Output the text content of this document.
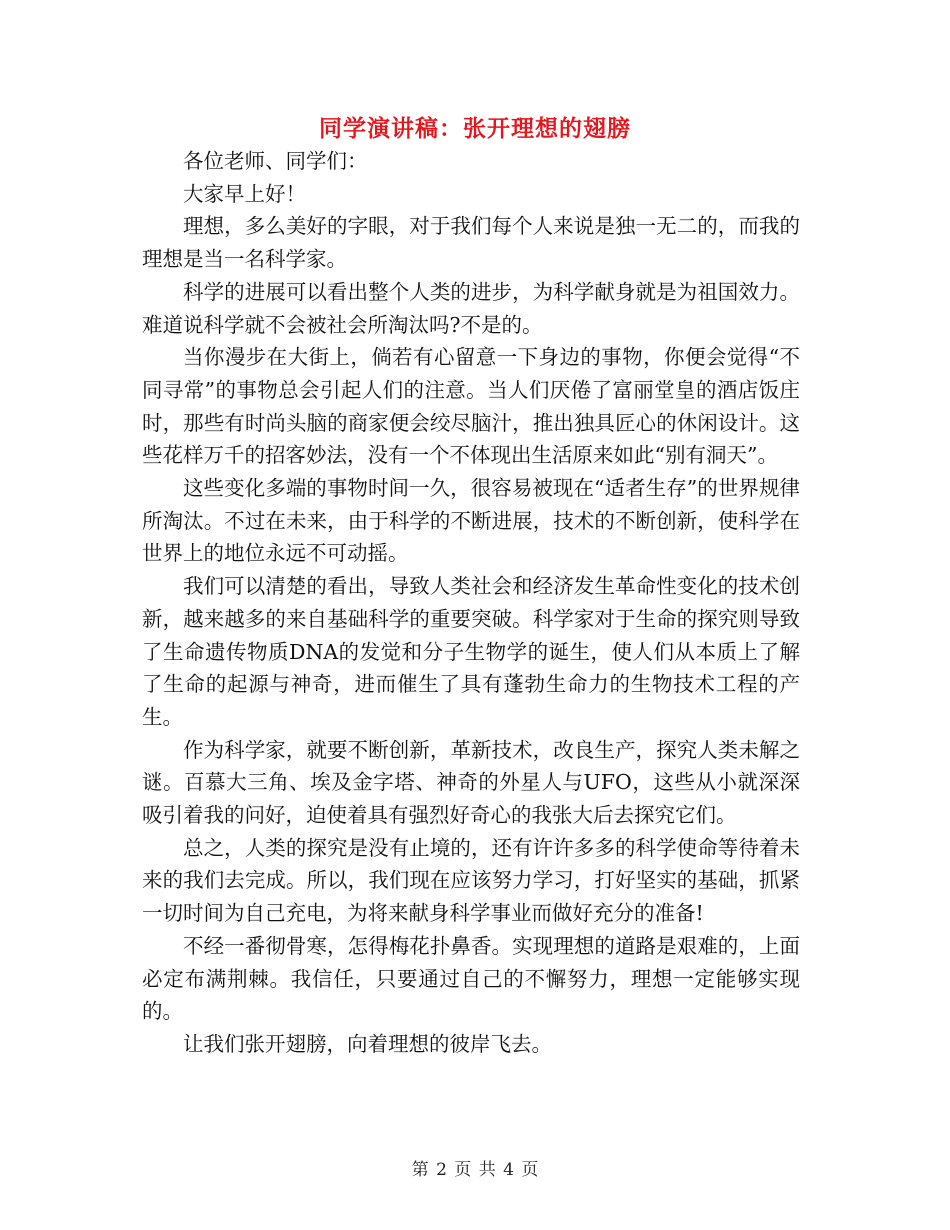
同学演讲稿：张开理想的翅膀

各位老师、同学们：

大家早上好！

理想，多么美好的字眼，对于我们每个人来说是独一无二的，而我的理想是当一名科学家。

科学的进展可以看出整个人类的进步，为科学献身就是为祖国效力。难道说科学就不会被社会所淘汰吗?不是的。

当你漫步在大街上，倘若有心留意一下身边的事物，你便会觉得“不同寻常”的事物总会引起人们的注意。当人们厌倦了富丽堂皇的酒店饭庄时，那些有时尚头脑的商家便会绞尽脑汁，推出独具匠心的休闲设计。这些花样万千的招客妙法，没有一个不体现出生活原来如此“别有洞天”。

这些变化多端的事物时间一久，很容易被现在“适者生存”的世界规律所淘汰。不过在未来，由于科学的不断进展，技术的不断创新，使科学在世界上的地位永远不可动摇。

我们可以清楚的看出，导致人类社会和经济发生革命性变化的技术创新，越来越多的来自基础科学的重要突破。科学家对于生命的探究则导致了生命遗传物质DNA的发觉和分子生物学的诞生，使人们从本质上了解了生命的起源与神奇，进而催生了具有蓬勃生命力的生物技术工程的产生。

作为科学家，就要不断创新，革新技术，改良生产，探究人类未解之谜。百慕大三角、埃及金字塔、神奇的外星人与UFO，这些从小就深深吸引着我的问好，迫使着具有强烈好奇心的我张大后去探究它们。

总之，人类的探究是没有止境的，还有许许多多的科学使命等待着未来的我们去完成。所以，我们现在应该努力学习，打好坚实的基础，抓紧一切时间为自己充电，为将来献身科学事业而做好充分的准备!

不经一番彻骨寒，怎得梅花扑鼻香。实现理想的道路是艰难的，上面必定布满荆棘。我信任，只要通过自己的不懈努力，理想一定能够实现的。

让我们张开翅膀，向着理想的彼岸飞去。

第 2 页 共 4 页
